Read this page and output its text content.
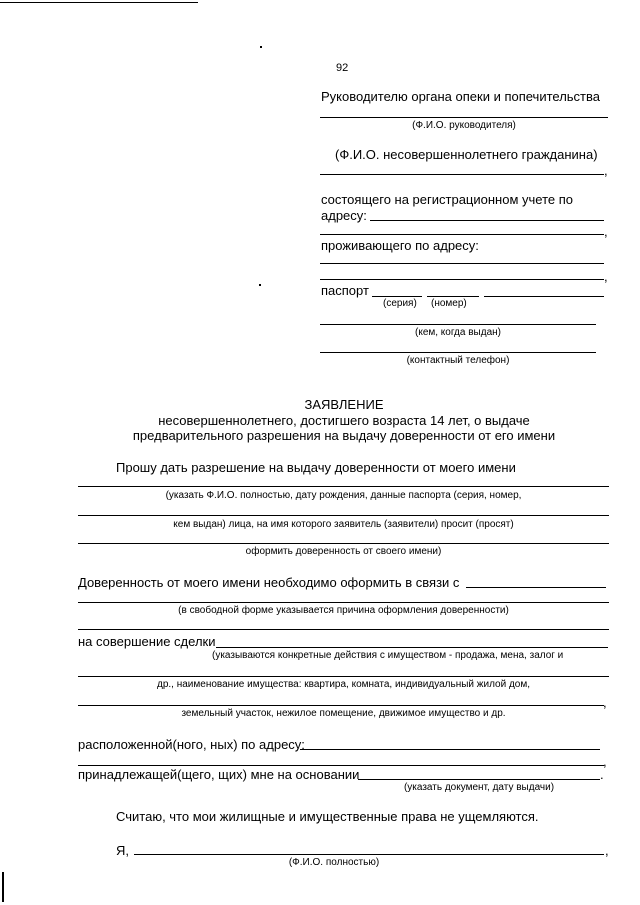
92
Руководителю органа опеки и попечительства
(Ф.И.О. руководителя)
(Ф.И.О. несовершеннолетнего гражданина)
,
состоящего на регистрационном учете по
адресу:
,
проживающего по адресу:
,
паспорт
(серия) (номер)
(кем, когда выдан)
(контактный телефон)
ЗАЯВЛЕНИЕ
несовершеннолетнего, достигшего возраста 14 лет, о выдаче
предварительного разрешения на выдачу доверенности от его имени
Прошу дать разрешение на выдачу доверенности от моего имени
(указать Ф.И.О. полностью, дату рождения, данные паспорта (серия, номер,
кем выдан) лица, на имя которого заявитель (заявители) просит (просят)
оформить доверенность от своего имени)
Доверенность от моего имени необходимо оформить в связи с
(в свободной форме указывается причина оформления доверенности)
на совершение сделки
(указываются конкретные действия с имуществом - продажа, мена, залог и
др., наименование имущества: квартира, комната, индивидуальный жилой дом,
,
земельный участок, нежилое помещение, движимое имущество и др.
расположенной(ного, ных) по адресу:
,
принадлежащей(щего, щих) мне на основании	.
(указать документ, дату выдачи)
Считаю, что мои жилищные и имущественные права не ущемляются.
Я,	,
(Ф.И.О. полностью)
